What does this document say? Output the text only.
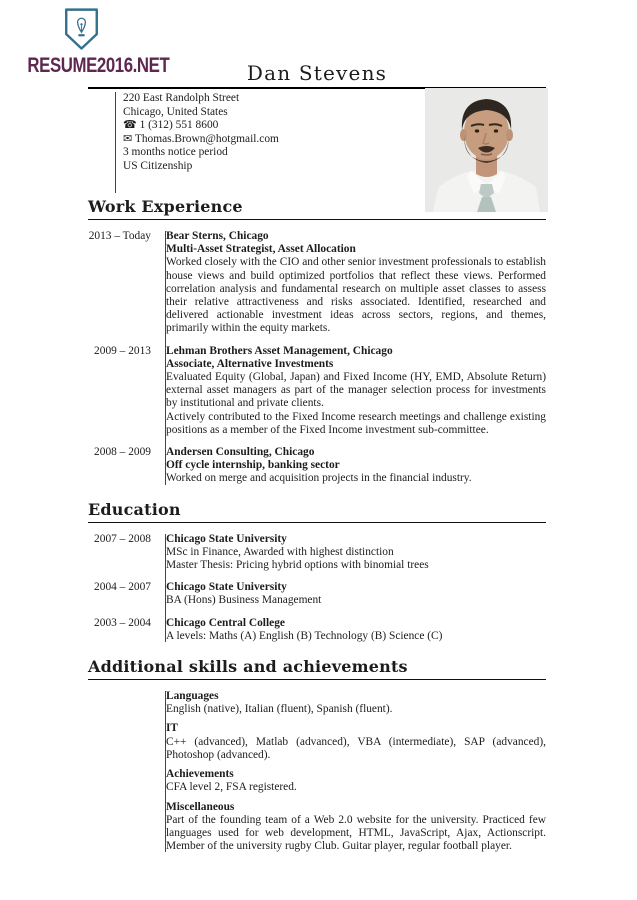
RESUME2016.NET	Dan Stevens
220 East Randolph Street
Chicago, United States
☎ 1 (312) 551 8600
✉ Thomas.Brown@hotgmail.com
3 months notice period
US Citizenship
Work Experience
2013 – Today	Bear Sterns, Chicago
Multi-Asset Strategist, Asset Allocation

Worked closely with the CIO and other senior investment professionals to establish house views and build optimized portfolios that reflect these views. Performed correlation analysis and fundamental research on multiple asset classes to assess their relative attractiveness and risks associated. Identified, researched and delivered actionable investment ideas across sectors, regions, and themes, primarily within the equity markets.

2009 – 2013	Lehman Brothers Asset Management, Chicago
Associate, Alternative Investments

Evaluated Equity (Global, Japan) and Fixed Income (HY, EMD, Absolute Return) external asset managers as part of the manager selection process for investments by institutional and private clients.

Actively contributed to the Fixed Income research meetings and challenge existing positions as a member of the Fixed Income investment sub-committee.

2008 – 2009	Andersen Consulting, Chicago
Off cycle internship, banking sector

Worked on merge and acquisition projects in the financial industry.

Education
2007 – 2008	Chicago State University
MSc in Finance, Awarded with highest distinction
Master Thesis: Pricing hybrid options with binomial trees
2004 – 2007	Chicago State University
BA (Hons) Business Management
2003 – 2004	Chicago Central College
A levels: Maths (A) English (B) Technology (B) Science (C)
Additional skills and achievements
Languages

English (native), Italian (fluent), Spanish (fluent).

IT

C++ (advanced), Matlab (advanced), VBA (intermediate), SAP (advanced), Photoshop (advanced).

Achievements

CFA level 2, FSA registered.

Miscellaneous

Part of the founding team of a Web 2.0 website for the university. Practiced few languages used for web development, HTML, JavaScript, Ajax, Actionscript. Member of the university rugby Club. Guitar player, regular football player.
